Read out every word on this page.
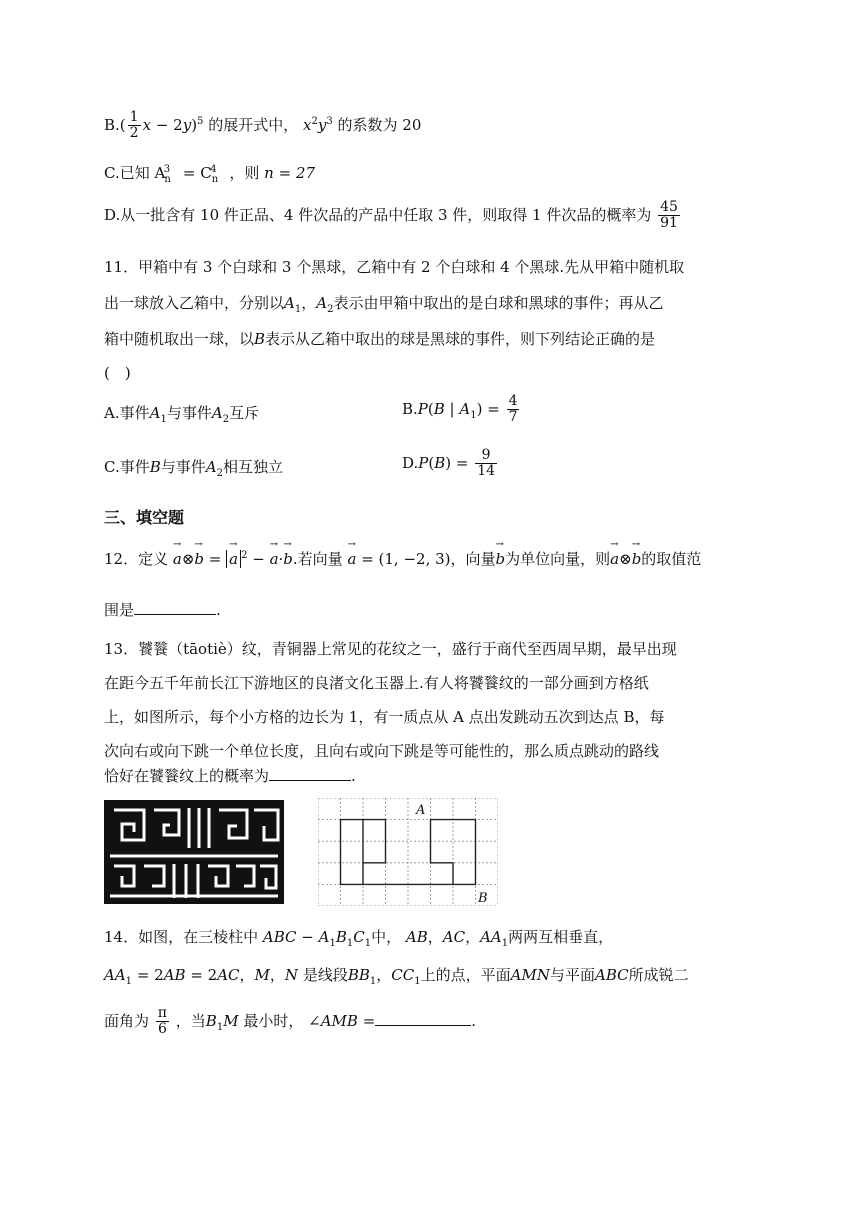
$B.( \frac{1}{2}$ $x - 2y)^5$ 的展开式中， $x^2y^3$ 的系数为 20
C.已知 $A_n^3 = C_n^4$ ，则 n = 27
D.从一批含有 10 件正品、4 件次品的产品中任取 3 件，则取得 1 件次品的概率为 $\frac{45}{91}$
11．甲箱中有 3 个白球和 3 个黑球，乙箱中有 2 个白球和 4 个黑球.先从甲箱中随机取
出一球放入乙箱中，分别以$A_1$，$A_2$表示由甲箱中取出的是白球和黑球的事件；再从乙
箱中随机取出一球，以B表示从乙箱中取出的球是黑球的事件，则下列结论正确的是
(　)
A.事件$A_1$与事件$A_2$互斥	B.P(B | $A_1) = \frac{4}{7}$
C.事件B与事件$A_2$相互独立	$D.P(B) = \frac{9}{14}$
三、填空题
12．定义 → a⊗→ b = → a $^2$ − → a·→ b.若向量 → a = (1, −2, 3)，向量→ b为单位向量，则→ a⊗→ b的取值范
围是	.
13．饕餮（tāotiè）纹，青铜器上常见的花纹之一，盛行于商代至西周早期，最早出现
在距今五千年前长江下游地区的良渚文化玉器上.有人将饕餮纹的一部分画到方格纸
上，如图所示，每个小方格的边长为 1，有一质点从 A 点出发跳动五次到达点 B，每
次向右或向下跳一个单位长度，且向右或向下跳是等可能性的，那么质点跳动的路线
恰好在饕餮纹上的概率为	.
A
B
14．如图，在三棱柱中 ABC − $A_1B_1C_1$中， AB，AC，$AA_1$两两互相垂直，
$AA_1 = 2AB = 2AC$，M，N 是线段$BB_1$，$CC_1$上的点，平面AMN与平面ABC所成锐二
面角为 $\frac{\pi}{6}$ ，当$B_1M$ 最小时， ∠AMB =	.
